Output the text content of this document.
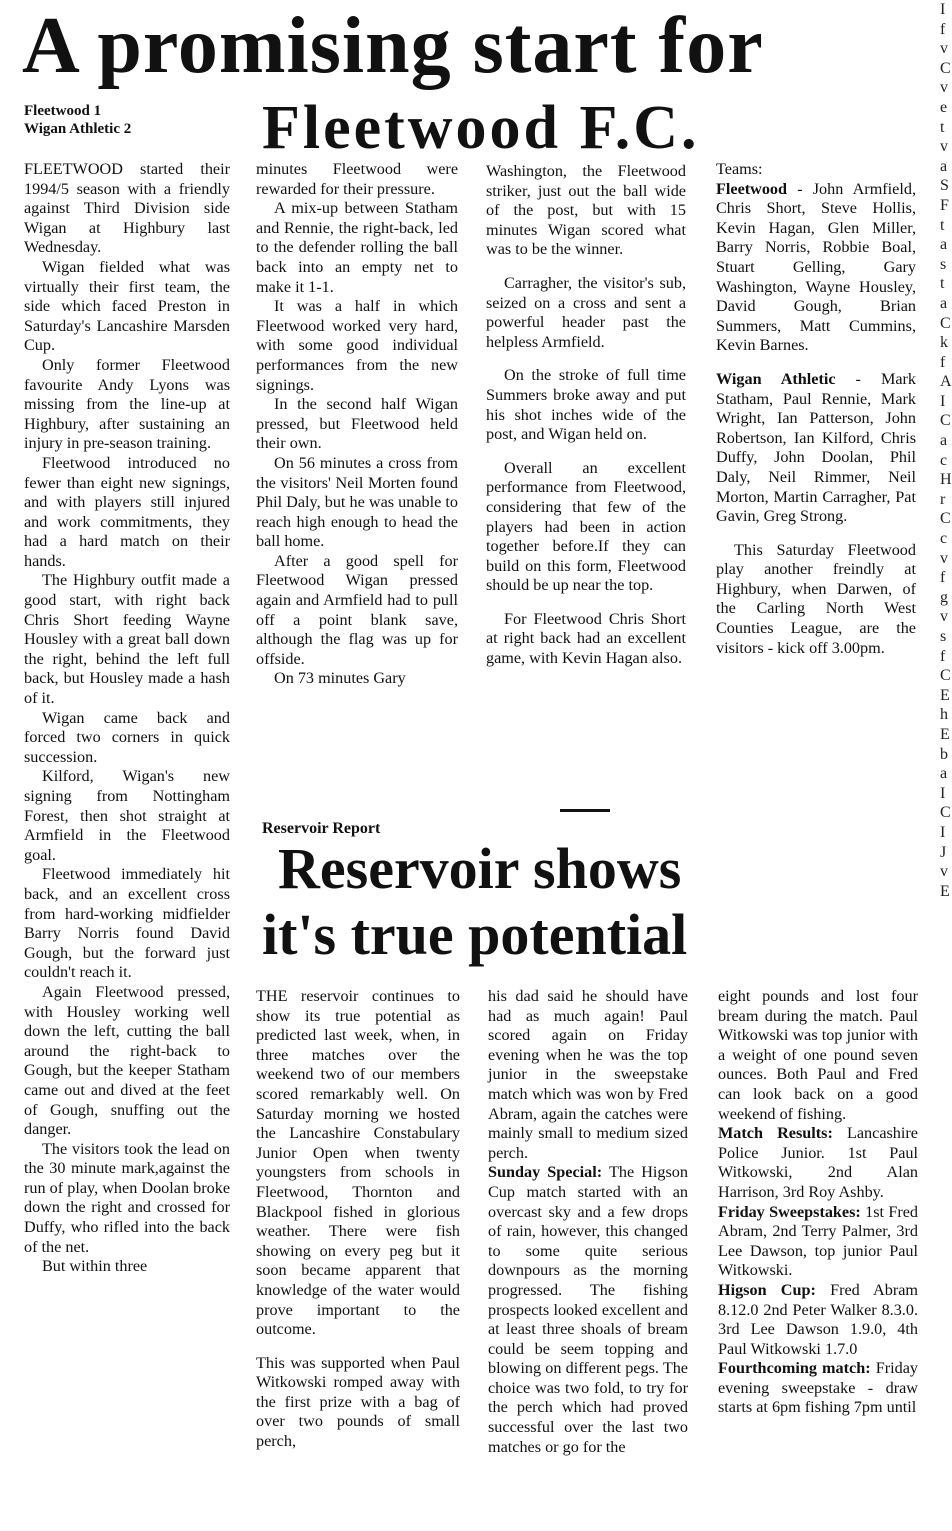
A promising start for
Fleetwood 1
Wigan Athletic 2	Fleetwood F.C.

FLEETWOOD started their 1994/5 season with a friendly against Third Division side Wigan at Highbury last Wednesday.

Wigan fielded what was virtually their first team, the side which faced Preston in Saturday's Lancashire Marsden Cup.

Only former Fleetwood favourite Andy Lyons was missing from the line-up at Highbury, after sustaining an injury in pre-season training.

Fleetwood introduced no fewer than eight new signings, and with players still injured and work commitments, they had a hard match on their hands.

The Highbury outfit made a good start, with right back Chris Short feeding Wayne Housley with a great ball down the right, behind the left full back, but Housley made a hash of it.

Wigan came back and forced two corners in quick succession.

Kilford, Wigan's new signing from Nottingham Forest, then shot straight at Armfield in the Fleetwood goal.

Fleetwood immediately hit back, and an excellent cross from hard-working midfielder Barry Norris found David Gough, but the forward just couldn't reach it.

Again Fleetwood pressed, with Housley working well down the left, cutting the ball around the right-back to Gough, but the keeper Statham came out and dived at the feet of Gough, snuffing out the danger.

The visitors took the lead on the 30 minute mark,against the run of play, when Doolan broke down the right and crossed for Duffy, who rifled into the back of the net.

But within three

minutes Fleetwood were rewarded for their pressure.

A mix-up between Statham and Rennie, the right-back, led to the defender rolling the ball back into an empty net to make it 1-1.

It was a half in which Fleetwood worked very hard, with some good individual performances from the new signings.

In the second half Wigan pressed, but Fleetwood held their own.

On 56 minutes a cross from the visitors' Neil Morten found Phil Daly, but he was unable to reach high enough to head the ball home.

After a good spell for Fleetwood Wigan pressed again and Armfield had to pull off a point blank save, although the flag was up for offside.

On 73 minutes Gary

Washington, the Fleetwood striker, just out the ball wide of the post, but with 15 minutes Wigan scored what was to be the winner.

Carragher, the visitor's sub, seized on a cross and sent a powerful header past the helpless Armfield.

On the stroke of full time Summers broke away and put his shot inches wide of the post, and Wigan held on.

Overall an excellent performance from Fleetwood, considering that few of the players had been in action together before.If they can build on this form, Fleetwood should be up near the top.

For Fleetwood Chris Short at right back had an excellent game, with Kevin Hagan also.

Teams:

Fleetwood - John Armfield, Chris Short, Steve Hollis, Kevin Hagan, Glen Miller, Barry Norris, Robbie Boal, Stuart Gelling, Gary Washington, Wayne Housley, David Gough, Brian Summers, Matt Cummins, Kevin Barnes.

Wigan Athletic - Mark Statham, Paul Rennie, Mark Wright, Ian Patterson, John Robertson, Ian Kilford, Chris Duffy, John Doolan, Phil Daly, Neil Rimmer, Neil Morton, Martin Carragher, Pat Gavin, Greg Strong.

This Saturday Fleetwood play another freindly at Highbury, when Darwen, of the Carling North West Counties League, are the visitors - kick off 3.00pm.

Reservoir Report
Reservoir shows
it's true potential

THE reservoir continues to show its true potential as predicted last week, when, in three matches over the weekend two of our members scored remarkably well. On Saturday morning we hosted the Lancashire Constabulary Junior Open when twenty youngsters from schools in Fleetwood, Thornton and Blackpool fished in glorious weather. There were fish showing on every peg but it soon became apparent that knowledge of the water would prove important to the outcome.

This was supported when Paul Witkowski romped away with the first prize with a bag of over two pounds of small perch,

his dad said he should have had as much again! Paul scored again on Friday evening when he was the top junior in the sweepstake match which was won by Fred Abram, again the catches were mainly small to medium sized perch.

Sunday Special: The Higson Cup match started with an overcast sky and a few drops of rain, however, this changed to some quite serious downpours as the morning progressed. The fishing prospects looked excellent and at least three shoals of bream could be seem topping and blowing on different pegs. The choice was two fold, to try for the perch which had proved successful over the last two matches or go for the

eight pounds and lost four bream during the match. Paul Witkowski was top junior with a weight of one pound seven ounces. Both Paul and Fred can look back on a good weekend of fishing.

Match Results: Lancashire Police Junior. 1st Paul Witkowski, 2nd Alan Harrison, 3rd Roy Ashby.

Friday Sweepstakes: 1st Fred Abram, 2nd Terry Palmer, 3rd Lee Dawson, top junior Paul Witkowski.

Higson Cup: Fred Abram 8.12.0 2nd Peter Walker 8.3.0. 3rd Lee Dawson 1.9.0, 4th Paul Witkowski 1.7.0

Fourthcoming match: Friday evening sweepstake - draw starts at 6pm fishing 7pm until

I f v C v e t v a S F t a s t a C k f A I C a c H r C c v f g v s f C E h E b a I C I J v E
